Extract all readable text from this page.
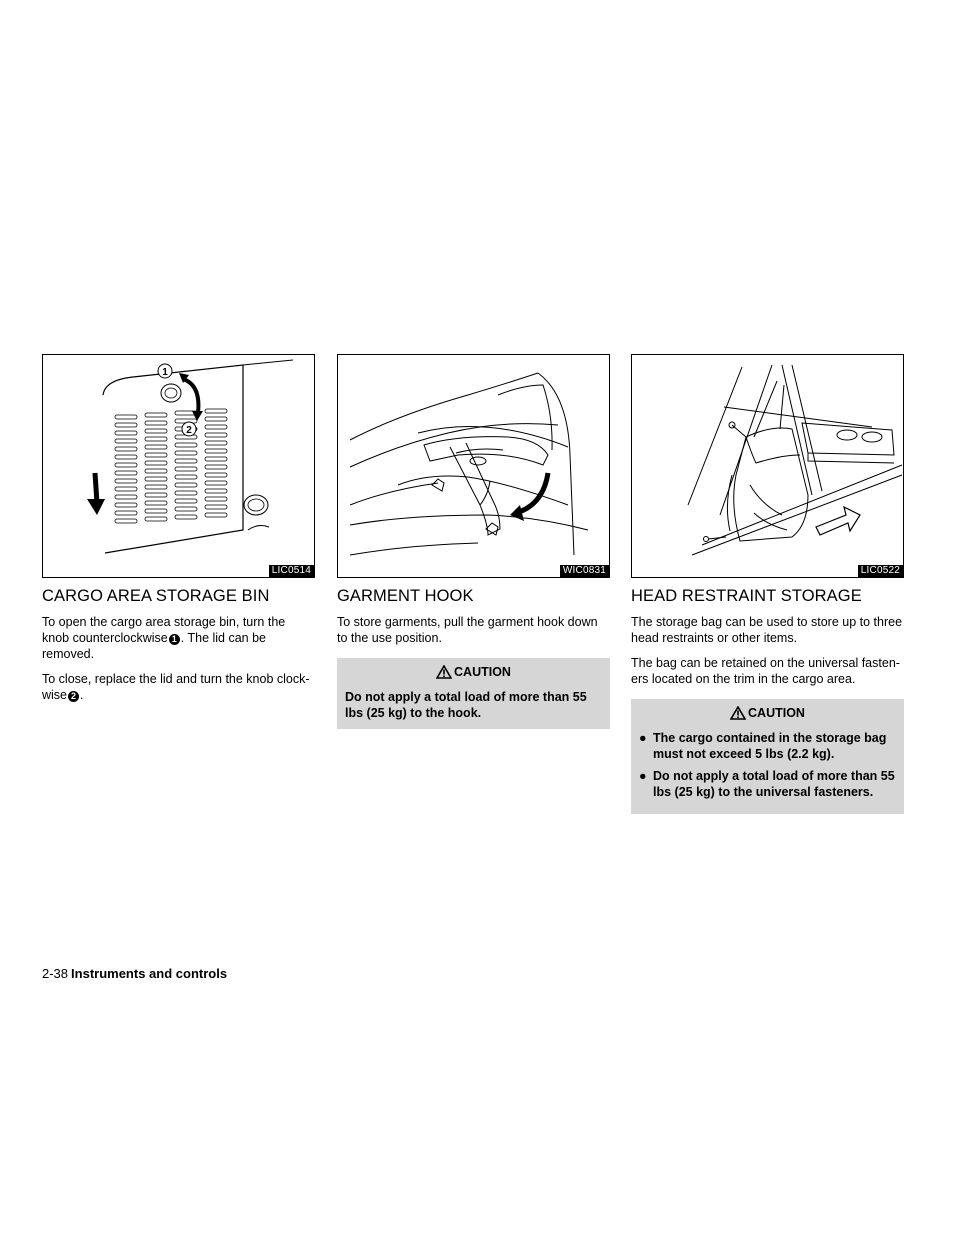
1
2
LIC0514
CARGO AREA STORAGE BIN

To open the cargo area storage bin, turn the knob counterclockwise 1 . The lid can be removed.

To close, replace the lid and turn the knob clock-wise 2 .

WIC0831
GARMENT HOOK

To store garments, pull the garment hook down to the use position.

CAUTION

Do not apply a total load of more than 55 lbs (25 kg) to the hook.

LIC0522
HEAD RESTRAINT STORAGE

The storage bag can be used to store up to three head restraints or other items.

The bag can be retained on the universal fasten-ers located on the trim in the cargo area.

CAUTION
● The cargo contained in the storage bag must not exceed 5 lbs (2.2 kg).
● Do not apply a total load of more than 55 lbs (25 kg) to the universal fasteners.
2-38 Instruments and controls
